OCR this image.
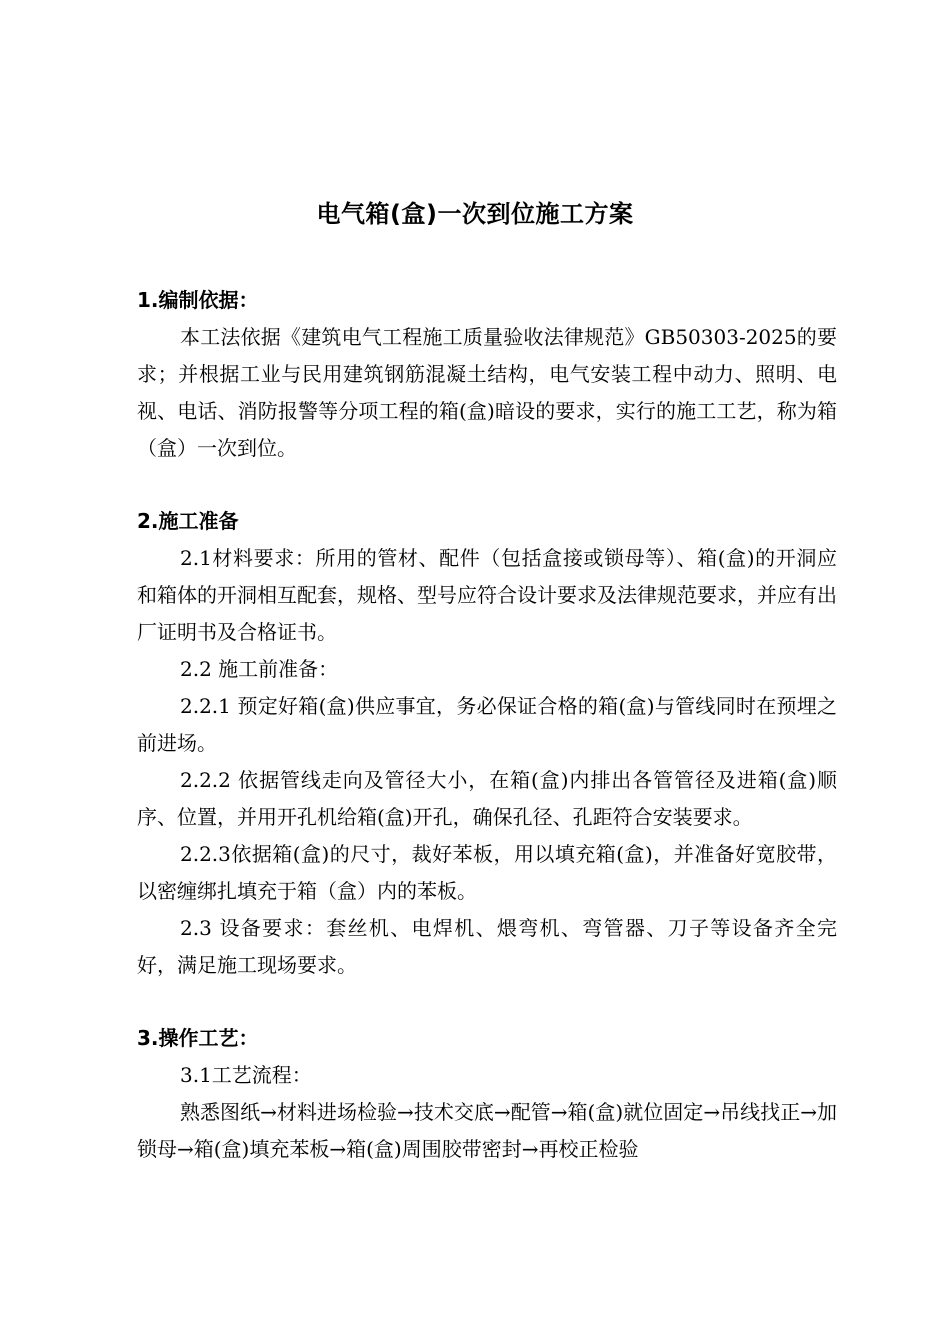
电气箱(盒)一次到位施工方案

1.编制依据：

本工法依据《建筑电气工程施工质量验收法律规范》GB50303-2025的要求；并根据工业与民用建筑钢筋混凝土结构，电气安装工程中动力、照明、电视、电话、消防报警等分项工程的箱(盒)暗设的要求，实行的施工工艺，称为箱（盒）一次到位。

2.施工准备

2.1材料要求：所用的管材、配件（包括盒接或锁母等）、箱(盒)的开洞应和箱体的开洞相互配套，规格、型号应符合设计要求及法律规范要求，并应有出厂证明书及合格证书。

2.2 施工前准备：

2.2.1 预定好箱(盒)供应事宜，务必保证合格的箱(盒)与管线同时在预埋之前进场。

2.2.2 依据管线走向及管径大小，在箱(盒)内排出各管管径及进箱(盒)顺序、位置，并用开孔机给箱(盒)开孔，确保孔径、孔距符合安装要求。

2.2.3依据箱(盒)的尺寸，裁好苯板，用以填充箱(盒)，并准备好宽胶带，以密缠绑扎填充于箱（盒）内的苯板。

2.3 设备要求：套丝机、电焊机、煨弯机、弯管器、刀子等设备齐全完好，满足施工现场要求。

3.操作工艺：

3.1工艺流程：

熟悉图纸→材料进场检验→技术交底→配管→箱(盒)就位固定→吊线找正→加锁母→箱(盒)填充苯板→箱(盒)周围胶带密封→再校正检验
